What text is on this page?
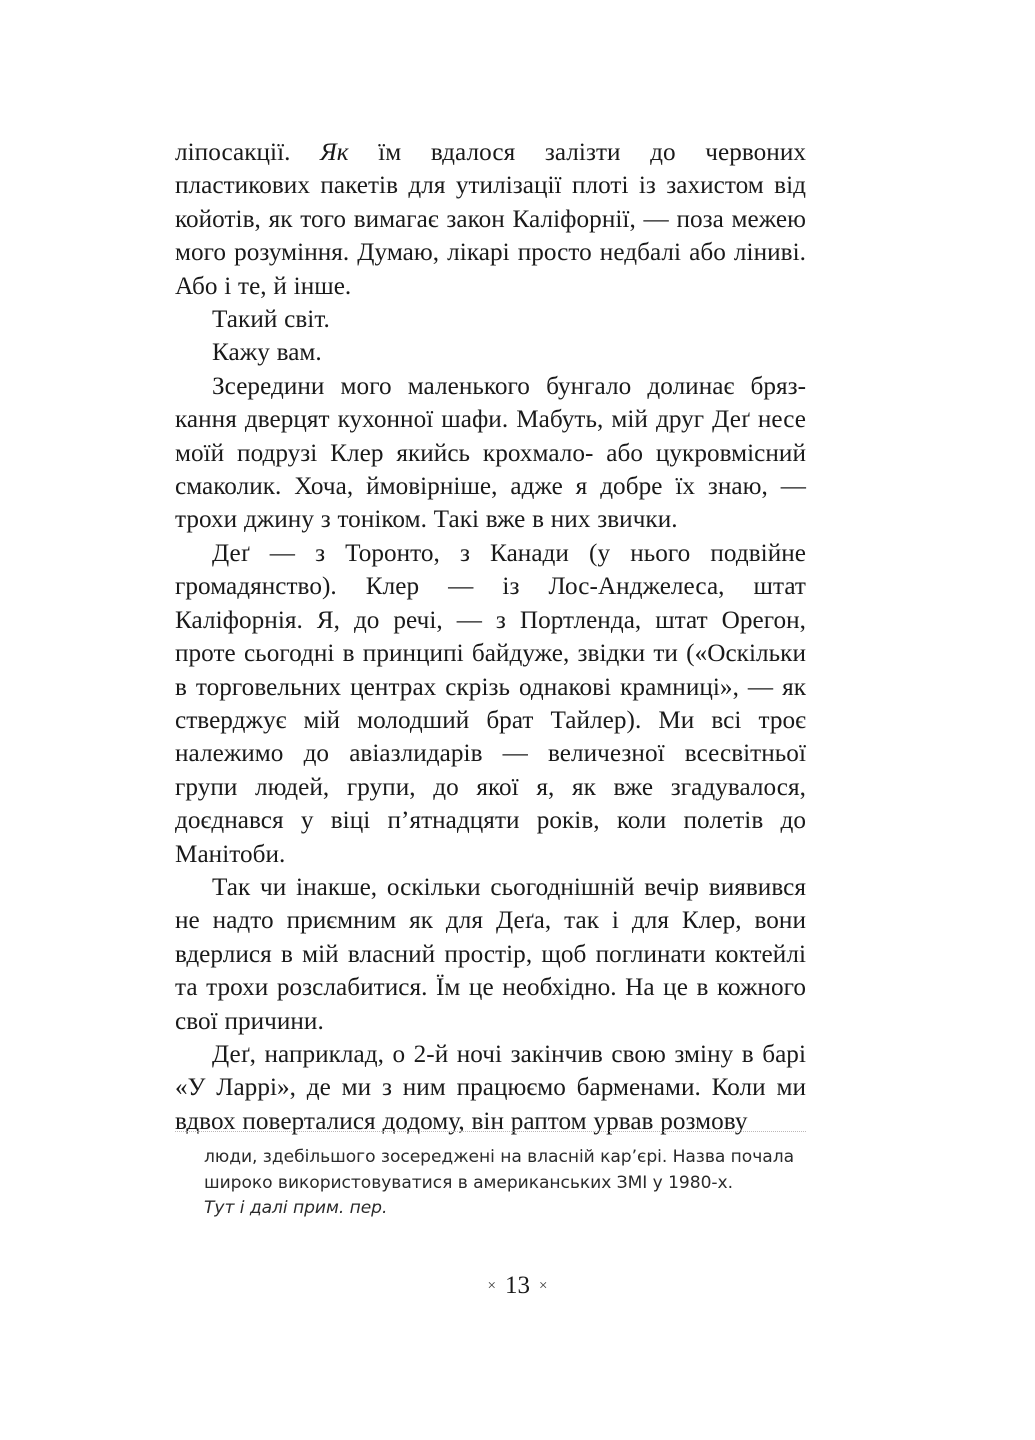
ліпосакції. Як їм вдалося залізти до червоних пластикових пакетів для утилізації плоті із захистом від койотів, як того вимагає закон Каліфорнії, — поза межею мого розуміння. Думаю, лікарі просто недбалі або ліниві. Або і те, й інше.

Такий світ.

Кажу вам.

Зсередини мого маленького бунгало долинає брязкання дверцят кухонної шафи. Мабуть, мій друг Деґ несе моїй подрузі Клер якийсь крохмало- або цукровмісний смаколик. Хоча, ймовірніше, адже я добре їх знаю, — трохи джину з тоніком. Такі вже в них звички.

Деґ — з Торонто, з Канади (у нього подвійне громадянство). Клер — із Лос-Анджелеса, штат Каліфорнія. Я, до речі, — з Портленда, штат Орегон, проте сьогодні в принципі байдуже, звідки ти («Оскільки в торговельних центрах скрізь однакові крамниці», — як стверджує мій молодший брат Тайлер). Ми всі троє належимо до авіазлидарів — величезної всесвітньої групи людей, групи, до якої я, як вже згадувалося, доєднався у віці п’ятнадцяти років, коли полетів до Манітоби.

Так чи інакше, оскільки сьогоднішній вечір виявився не надто приємним як для Деґа, так і для Клер, вони вдерлися в мій власний простір, щоб поглинати коктейлі та трохи розслабитися. Їм це необхідно. На це в кожного свої причини.

Деґ, наприклад, о 2-й ночі закінчив свою зміну в барі «У Ларрі», де ми з ним працюємо барменами. Коли ми вдвох поверталися додому, він раптом урвав розмову

люди, здебільшого зосереджені на власній кар’єрі. Назва почала широко використовуватися в американських ЗМІ у 1980-х.
Тут і далі прим. пер.
× 13 ×
